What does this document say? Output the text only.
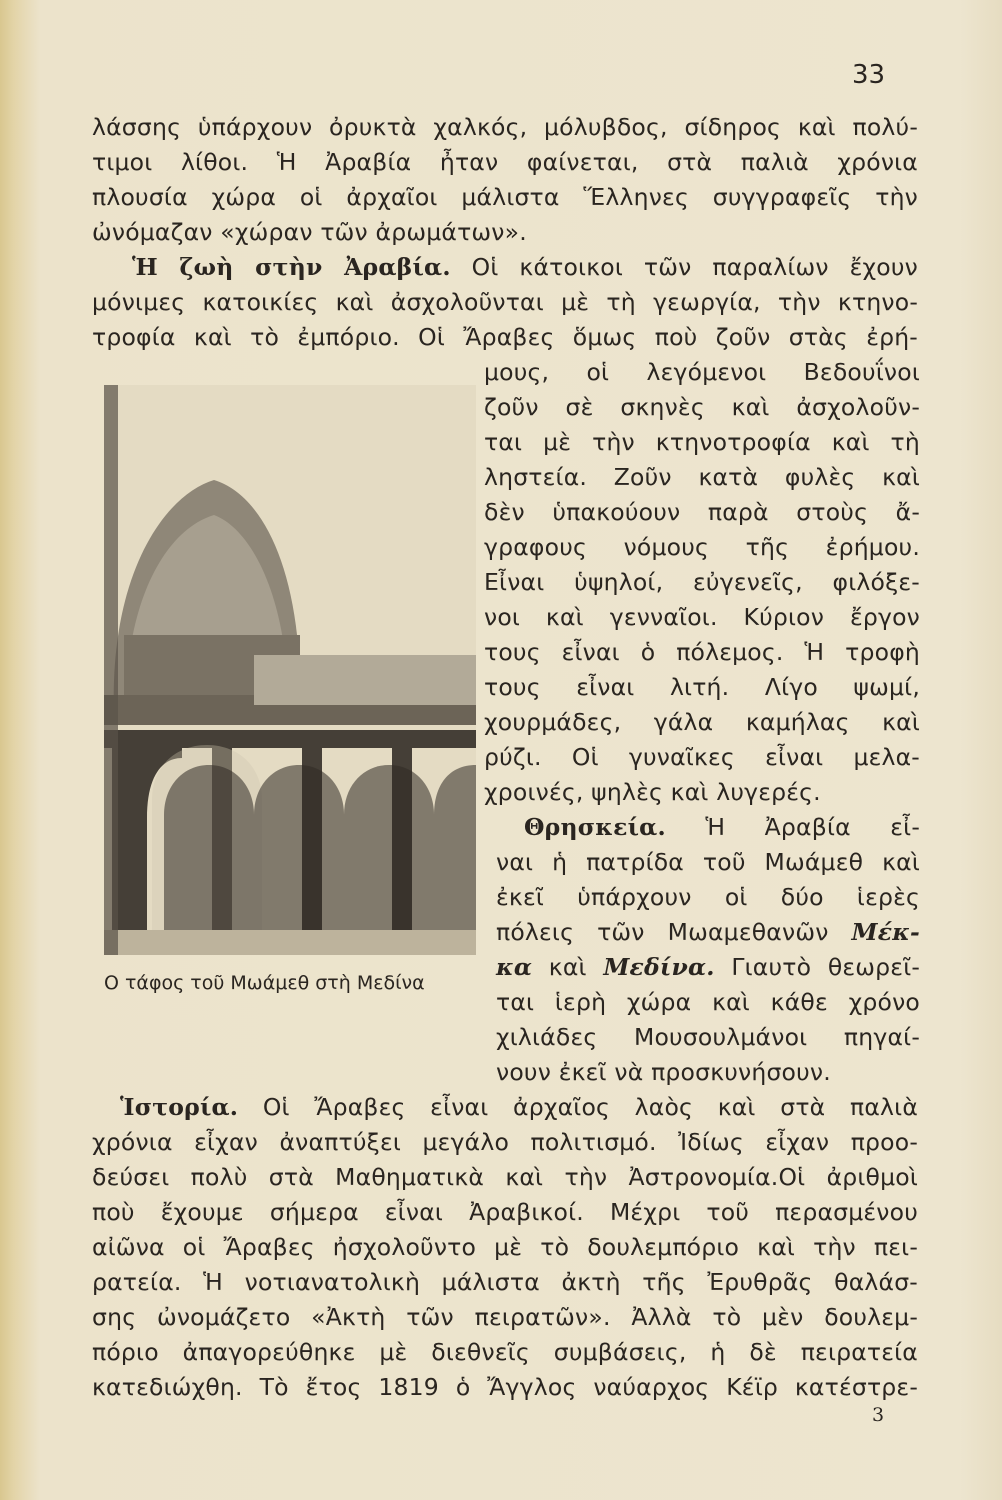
33
λάσσης ὑπάρχουν ὀρυκτὰ χαλκός, μόλυβδος, σίδηρος καὶ πολύ-
τιμοι λίθοι. Ἡ Ἀραβία ἦταν φαίνεται, στὰ παλιὰ χρόνια
πλουσία χώρα οἱ ἀρχαῖοι μάλιστα Ἕλληνες συγγραφεῖς τὴν
ὠνόμαζαν «χώραν τῶν ἀρωμάτων».
Ἡ ζωὴ στὴν Ἀραβία. Οἱ κάτοικοι τῶν παραλίων ἔχουν
μόνιμες κατοικίες καὶ ἀσχολοῦνται μὲ τὴ γεωργία, τὴν κτηνο-
τροφία καὶ τὸ ἐμπόριο. Οἱ Ἄραβες ὅμως ποὺ ζοῦν στὰς ἐρή-
μους, οἱ λεγόμενοι Βεδουΐνοι
ζοῦν σὲ σκηνὲς καὶ ἀσχολοῦν-
ται μὲ τὴν κτηνοτροφία καὶ τὴ
ληστεία. Ζοῦν κατὰ φυλὲς καὶ
δὲν ὑπακούουν παρὰ στοὺς ἄ-
γραφους νόμους τῆς ἐρήμου.
Εἶναι ὑψηλοί, εὐγενεῖς, φιλόξε-
νοι καὶ γενναῖοι. Κύριον ἔργον
τους εἶναι ὁ πόλεμος. Ἡ τροφὴ
τους εἶναι λιτή. Λίγο ψωμί,
χουρμάδες, γάλα καμήλας καὶ
ρύζι. Οἱ γυναῖκες εἶναι μελα-
χροινές, ψηλὲς καὶ λυγερές.
Θρησκεία. Ἡ Ἀραβία εἶ-
ναι ἡ πατρίδα τοῦ Μωάμεθ καὶ
ἐκεῖ ὑπάρχουν οἱ δύο ἱερὲς
πόλεις τῶν Μωαμεθανῶν Μέκ-
κα καὶ Μεδίνα. Γιαυτὸ θεωρεῖ-
ται ἱερὴ χώρα καὶ κάθε χρόνο
χιλιάδες Μουσουλμάνοι πηγαί-
νουν ἐκεῖ νὰ προσκυνήσουν.
Ο τάφος τοῦ Μωάμεθ στὴ Μεδίνα
Ἱστορία. Οἱ Ἄραβες εἶναι ἀρχαῖος λαὸς καὶ στὰ παλιὰ
χρόνια εἶχαν ἀναπτύξει μεγάλο πολιτισμό. Ἰδίως εἶχαν προο-
δεύσει πολὺ στὰ Μαθηματικὰ καὶ τὴν Ἀστρονομία.Οἱ ἀριθμοὶ
ποὺ ἔχουμε σήμερα εἶναι Ἀραβικοί. Μέχρι τοῦ περασμένου
αἰῶνα οἱ Ἄραβες ἠσχολοῦντο μὲ τὸ δουλεμπόριο καὶ τὴν πει-
ρατεία. Ἡ νοτιανατολικὴ μάλιστα ἀκτὴ τῆς Ἐρυθρᾶς θαλάσ-
σης ὠνομάζετο «Ἀκτὴ τῶν πειρατῶν». Ἀλλὰ τὸ μὲν δουλεμ-
πόριο ἀπαγορεύθηκε μὲ διεθνεῖς συμβάσεις, ἡ δὲ πειρατεία
κατεδιώχθη. Τὸ ἔτος 1819 ὁ Ἄγγλος ναύαρχος Κέϊρ κατέστρε-
3
